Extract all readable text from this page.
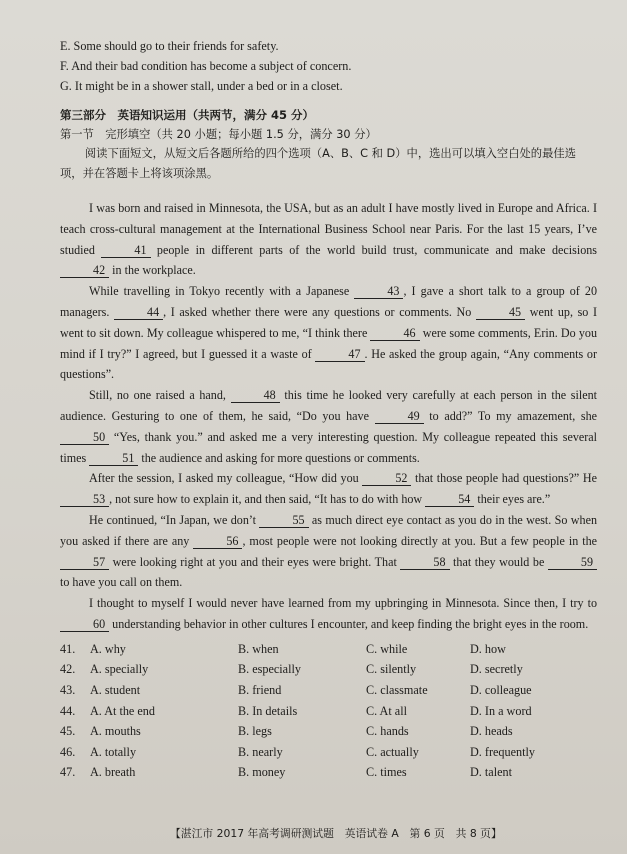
E. Some should go to their friends for safety.

F. And their bad condition has become a subject of concern.

G. It might be in a shower stall, under a bed or in a closet.

第三部分　英语知识运用（共两节，满分 45 分）
第一节　完形填空（共 20 小题；每小题 1.5 分，满分 30 分）
阅读下面短文，从短文后各题所给的四个选项（A、B、C 和 D）中，选出可以填入空白处的最佳选项，并在答题卡上将该项涂黑。

I was born and raised in Minnesota, the USA, but as an adult I have mostly lived in Europe and Africa. I teach cross-cultural management at the International Business School near Paris. For the last 15 years, I’ve studied	41 people in different parts of the world build trust, communicate and make decisions 42 in the workplace.

While travelling in Tokyo recently with a Japanese	43 , I gave a short talk to a group of 20 managers.	44 , I asked whether there were any questions or comments. No	45 went up, so I went to sit down. My colleague whispered to me, “I think there	46 were some comments, Erin. Do you mind if I try?” I agreed, but I guessed it a waste of	47 . He asked the group again, “Any comments or questions”.

Still, no one raised a hand,	48 this time he looked very carefully at each person in the silent audience. Gesturing to one of them, he said, “Do you have	49 to add?” To my amazement, she 50 “Yes, thank you.” and asked me a very interesting question. My colleague repeated this several times	51 the audience and asking for more questions or comments.

After the session, I asked my colleague, “How did you	52 that those people had questions?” He 53 , not sure how to explain it, and then said, “It has to do with how	54 their eyes are.”

He continued, “In Japan, we don’t	55 as much direct eye contact as you do in the west. So when you asked if there are any	56 , most people were not looking directly at you. But a few people in the 57 were looking right at you and their eyes were bright. That	58 that they would be	59 to have you call on them.

I thought to myself I would never have learned from my upbringing in Minnesota. Since then, I try to 60 understanding behavior in other cultures I encounter, and keep finding the bright eyes in the room.

41.	A. why	B. when	C. while	D. how
42.	A. specially	B. especially	C. silently	D. secretly
43.	A. student	B. friend	C. classmate	D. colleague
44.	A. At the end	B. In details	C. At all	D. In a word
45.	A. mouths	B. legs	C. hands	D. heads
46.	A. totally	B. nearly	C. actually	D. frequently
47.	A. breath	B. money	C. times	D. talent
【湛江市 2017 年高考调研测试题　英语试卷 A　第 6 页　共 8 页】
